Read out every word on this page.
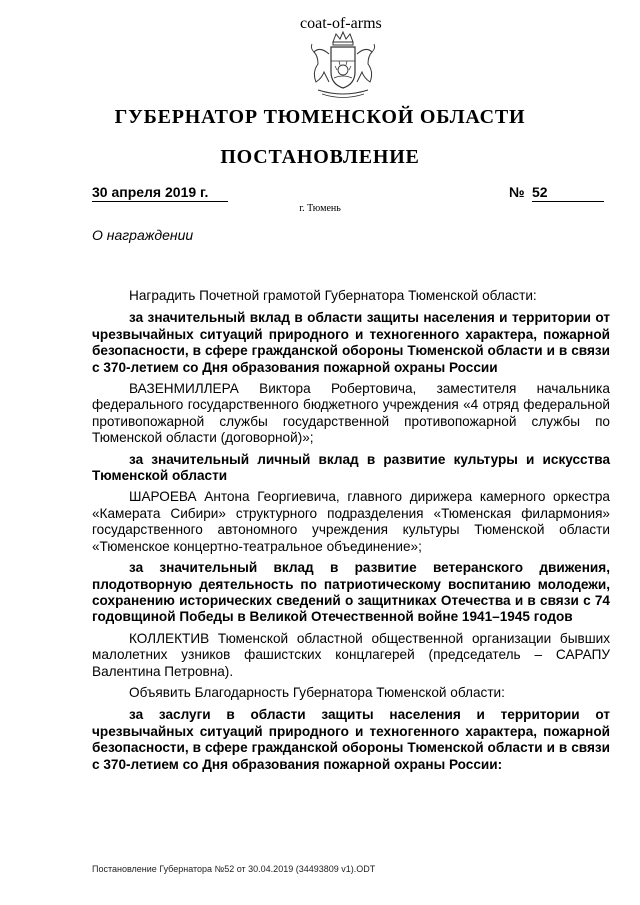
coat-of-arms
ГУБЕРНАТОР ТЮМЕНСКОЙ ОБЛАСТИ
ПОСТАНОВЛЕНИЕ
30 апреля 2019 г.	№ 52
г. Тюмень
О награждении

Наградить Почетной грамотой Губернатора Тюменской области:

за значительный вклад в области защиты населения и территории от чрезвычайных ситуаций природного и техногенного характера, пожарной безопасности, в сфере гражданской обороны Тюменской области и в связи с 370-летием со Дня образования пожарной охраны России

ВАЗЕНМИЛЛЕРА Виктора Робертовича, заместителя начальника федерального государственного бюджетного учреждения «4 отряд федеральной противопожарной службы государственной противопожарной службы по Тюменской области (договорной)»;

за значительный личный вклад в развитие культуры и искусства Тюменской области

ШАРОЕВА Антона Георгиевича, главного дирижера камерного оркестра «Камерата Сибири» структурного подразделения «Тюменская филармония» государственного автономного учреждения культуры Тюменской области «Тюменское концертно-театральное объединение»;

за значительный вклад в развитие ветеранского движения, плодотворную деятельность по патриотическому воспитанию молодежи, сохранению исторических сведений о защитниках Отечества и в связи с 74 годовщиной Победы в Великой Отечественной войне 1941–1945 годов

КОЛЛЕКТИВ Тюменской областной общественной организации бывших малолетних узников фашистских концлагерей (председатель – САРАПУ Валентина Петровна).

Объявить Благодарность Губернатора Тюменской области:

за заслуги в области защиты населения и территории от чрезвычайных ситуаций природного и техногенного характера, пожарной безопасности, в сфере гражданской обороны Тюменской области и в связи с 370-летием со Дня образования пожарной охраны России:

Постановление Губернатора №52 от 30.04.2019 (34493809 v1).ODT
